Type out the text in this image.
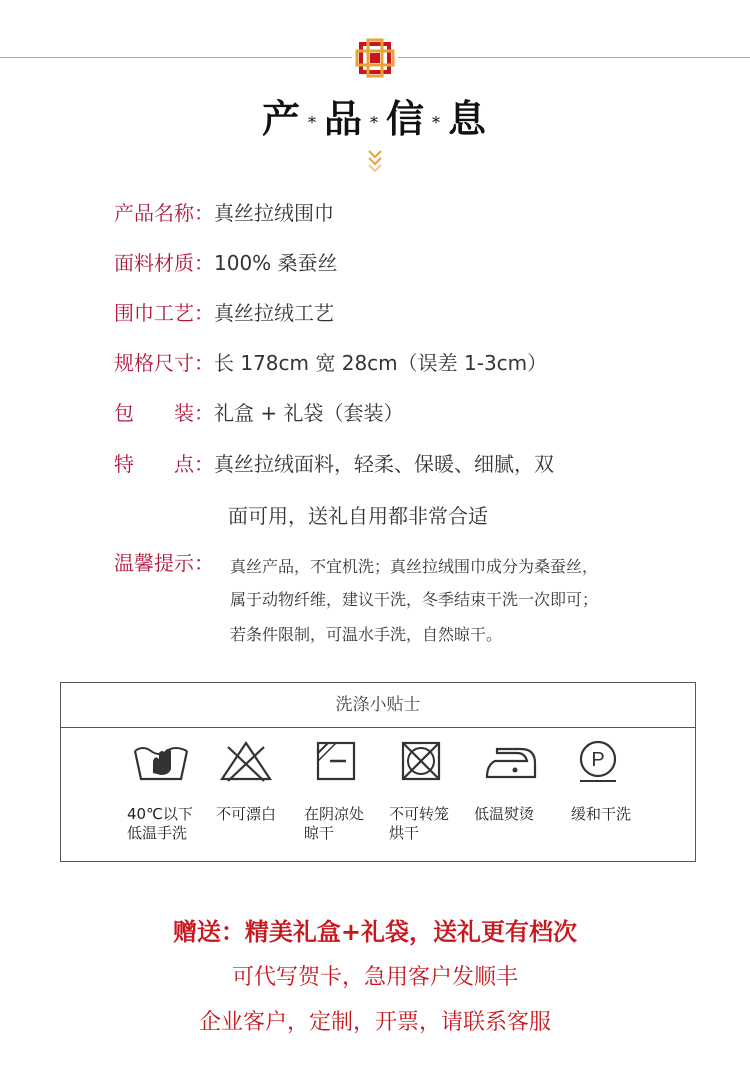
产 * 品 * 信 * 息
产品名称：真丝拉绒围巾
面料材质：100% 桑蚕丝
围巾工艺：真丝拉绒工艺
规格尺寸：长 178cm 宽 28cm（误差 1-3cm）
包　　装：礼盒 + 礼袋（套装）
特　　点：真丝拉绒面料，轻柔、保暖、细腻，双
面可用，送礼自用都非常合适
温馨提示： 真丝产品，不宜机洗；真丝拉绒围巾成分为桑蚕丝，
属于动物纤维，建议干洗，冬季结束干洗一次即可；
若条件限制，可温水手洗，自然晾干。
洗涤小贴士
P
40℃以下
低温手洗
不可漂白 在阴凉处
晾干
不可转笼
烘干
低温熨烫 缓和干洗
赠送：精美礼盒+礼袋，送礼更有档次
可代写贺卡，急用客户发顺丰
企业客户，定制，开票，请联系客服
